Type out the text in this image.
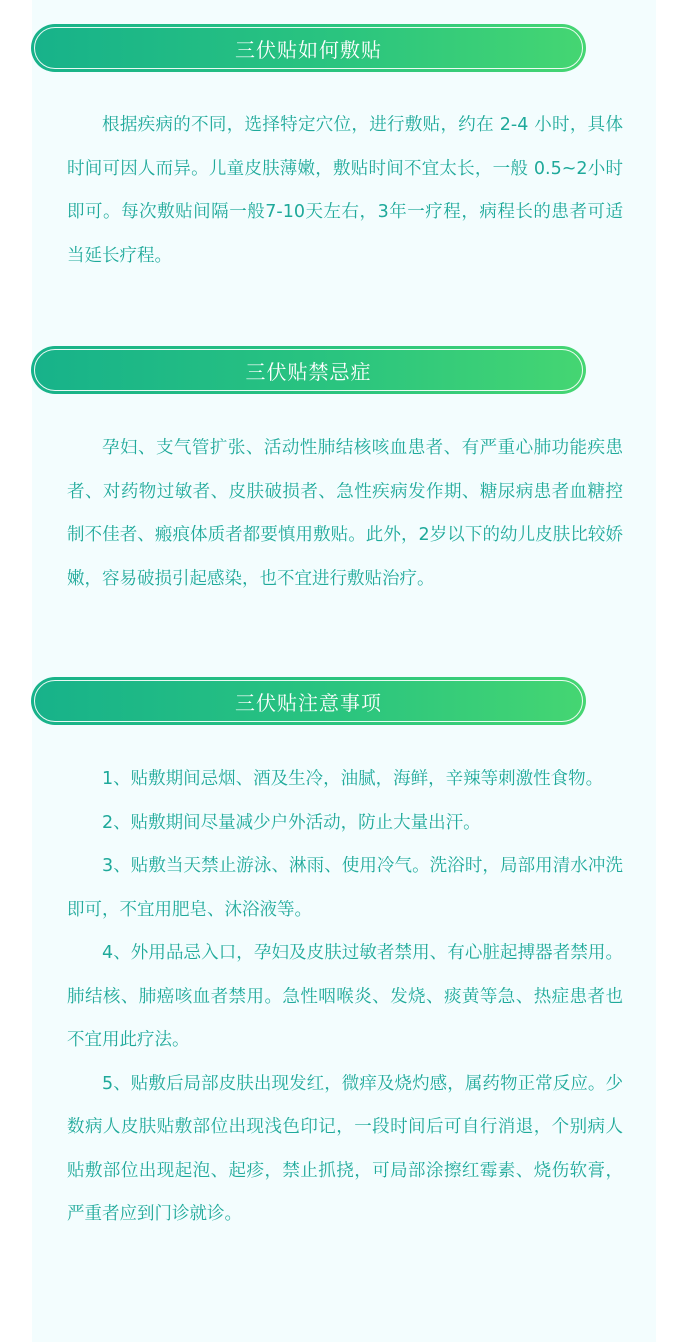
三伏贴如何敷贴

根据疾病的不同，选择特定穴位，进行敷贴，约在 2-4 小时，具体时间可因人而异。儿童皮肤薄嫩，敷贴时间不宜太长，一般 0.5~2小时即可。每次敷贴间隔一般7-10天左右，3年一疗程，病程长的患者可适当延长疗程。

三伏贴禁忌症

孕妇、支气管扩张、活动性肺结核咳血患者、有严重心肺功能疾患者、对药物过敏者、皮肤破损者、急性疾病发作期、糖尿病患者血糖控制不佳者、瘢痕体质者都要慎用敷贴。此外，2岁以下的幼儿皮肤比较娇嫩，容易破损引起感染，也不宜进行敷贴治疗。

三伏贴注意事项

1、贴敷期间忌烟、酒及生冷，油腻，海鲜，辛辣等刺激性食物。

2、贴敷期间尽量减少户外活动，防止大量出汗。

3、贴敷当天禁止游泳、淋雨、使用冷气。洗浴时，局部用清水冲洗即可，不宜用肥皂、沐浴液等。

4、外用品忌入口，孕妇及皮肤过敏者禁用、有心脏起搏器者禁用。肺结核、肺癌咳血者禁用。急性咽喉炎、发烧、痰黄等急、热症患者也不宜用此疗法。

5、贴敷后局部皮肤出现发红，微痒及烧灼感，属药物正常反应。少数病人皮肤贴敷部位出现浅色印记，一段时间后可自行消退，个别病人贴敷部位出现起泡、起疹，禁止抓挠，可局部涂擦红霉素、烧伤软膏，严重者应到门诊就诊。
